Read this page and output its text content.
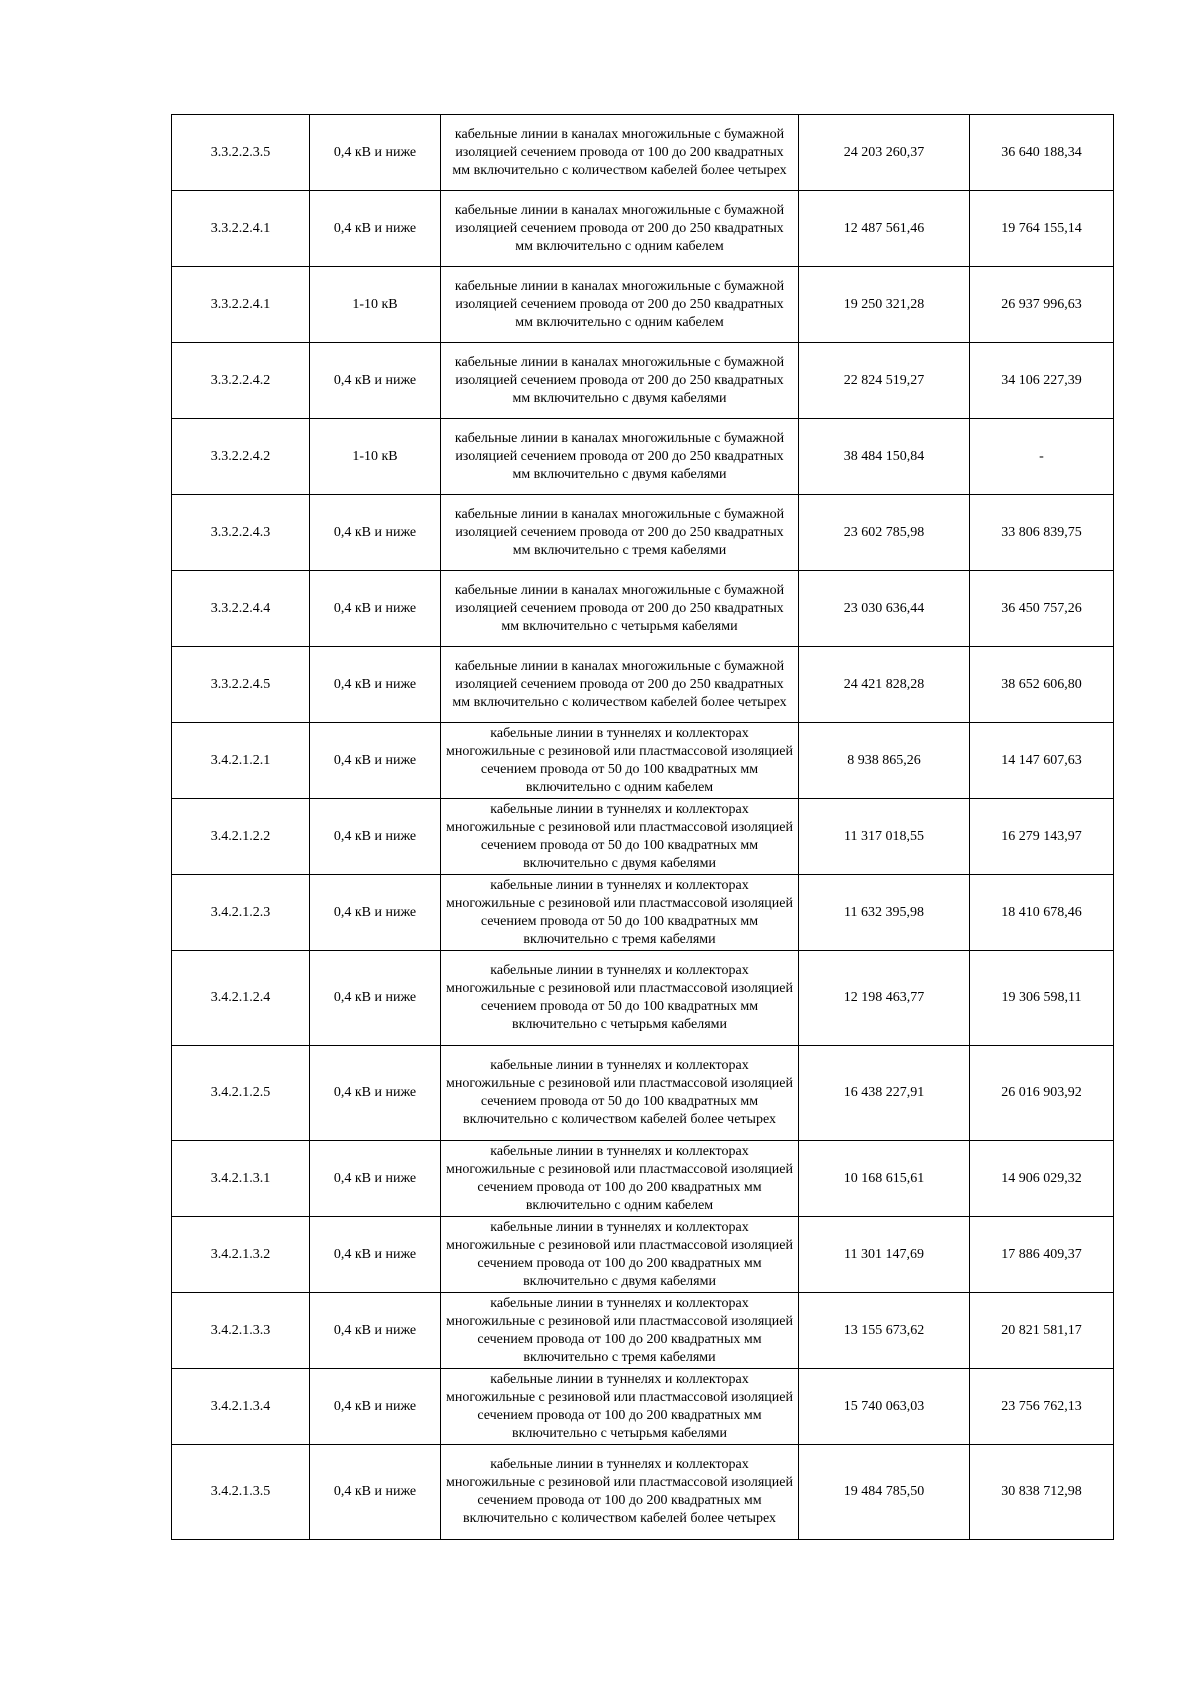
3.3.2.2.3.5	0,4 кВ и ниже	кабельные линии в каналах многожильные с бумажной изоляцией сечением провода от 100 до 200 квадратных мм включительно с количеством кабелей более четырех	24 203 260,37	36 640 188,34
3.3.2.2.4.1	0,4 кВ и ниже	кабельные линии в каналах многожильные с бумажной изоляцией сечением провода от 200 до 250 квадратных мм включительно с одним кабелем	12 487 561,46	19 764 155,14
3.3.2.2.4.1	1-10 кВ	кабельные линии в каналах многожильные с бумажной изоляцией сечением провода от 200 до 250 квадратных мм включительно с одним кабелем	19 250 321,28	26 937 996,63
3.3.2.2.4.2	0,4 кВ и ниже	кабельные линии в каналах многожильные с бумажной изоляцией сечением провода от 200 до 250 квадратных мм включительно с двумя кабелями	22 824 519,27	34 106 227,39
3.3.2.2.4.2	1-10 кВ	кабельные линии в каналах многожильные с бумажной изоляцией сечением провода от 200 до 250 квадратных мм включительно с двумя кабелями	38 484 150,84	-
3.3.2.2.4.3	0,4 кВ и ниже	кабельные линии в каналах многожильные с бумажной изоляцией сечением провода от 200 до 250 квадратных мм включительно с тремя кабелями	23 602 785,98	33 806 839,75
3.3.2.2.4.4	0,4 кВ и ниже	кабельные линии в каналах многожильные с бумажной изоляцией сечением провода от 200 до 250 квадратных мм включительно с четырьмя кабелями	23 030 636,44	36 450 757,26
3.3.2.2.4.5	0,4 кВ и ниже	кабельные линии в каналах многожильные с бумажной изоляцией сечением провода от 200 до 250 квадратных мм включительно с количеством кабелей более четырех	24 421 828,28	38 652 606,80
3.4.2.1.2.1	0,4 кВ и ниже	кабельные линии в туннелях и коллекторах многожильные с резиновой или пластмассовой изоляцией сечением провода от 50 до 100 квадратных мм включительно с одним кабелем	8 938 865,26	14 147 607,63
3.4.2.1.2.2	0,4 кВ и ниже	кабельные линии в туннелях и коллекторах многожильные с резиновой или пластмассовой изоляцией сечением провода от 50 до 100 квадратных мм включительно с двумя кабелями	11 317 018,55	16 279 143,97
3.4.2.1.2.3	0,4 кВ и ниже	кабельные линии в туннелях и коллекторах многожильные с резиновой или пластмассовой изоляцией сечением провода от 50 до 100 квадратных мм включительно с тремя кабелями	11 632 395,98	18 410 678,46
3.4.2.1.2.4	0,4 кВ и ниже	кабельные линии в туннелях и коллекторах многожильные с резиновой или пластмассовой изоляцией сечением провода от 50 до 100 квадратных мм включительно с четырьмя кабелями	12 198 463,77	19 306 598,11
3.4.2.1.2.5	0,4 кВ и ниже	кабельные линии в туннелях и коллекторах многожильные с резиновой или пластмассовой изоляцией сечением провода от 50 до 100 квадратных мм включительно с количеством кабелей более четырех	16 438 227,91	26 016 903,92
3.4.2.1.3.1	0,4 кВ и ниже	кабельные линии в туннелях и коллекторах многожильные с резиновой или пластмассовой изоляцией сечением провода от 100 до 200 квадратных мм включительно с одним кабелем	10 168 615,61	14 906 029,32
3.4.2.1.3.2	0,4 кВ и ниже	кабельные линии в туннелях и коллекторах многожильные с резиновой или пластмассовой изоляцией сечением провода от 100 до 200 квадратных мм включительно с двумя кабелями	11 301 147,69	17 886 409,37
3.4.2.1.3.3	0,4 кВ и ниже	кабельные линии в туннелях и коллекторах многожильные с резиновой или пластмассовой изоляцией сечением провода от 100 до 200 квадратных мм включительно с тремя кабелями	13 155 673,62	20 821 581,17
3.4.2.1.3.4	0,4 кВ и ниже	кабельные линии в туннелях и коллекторах многожильные с резиновой или пластмассовой изоляцией сечением провода от 100 до 200 квадратных мм включительно с четырьмя кабелями	15 740 063,03	23 756 762,13
3.4.2.1.3.5	0,4 кВ и ниже	кабельные линии в туннелях и коллекторах многожильные с резиновой или пластмассовой изоляцией сечением провода от 100 до 200 квадратных мм включительно с количеством кабелей более четырех	19 484 785,50	30 838 712,98
